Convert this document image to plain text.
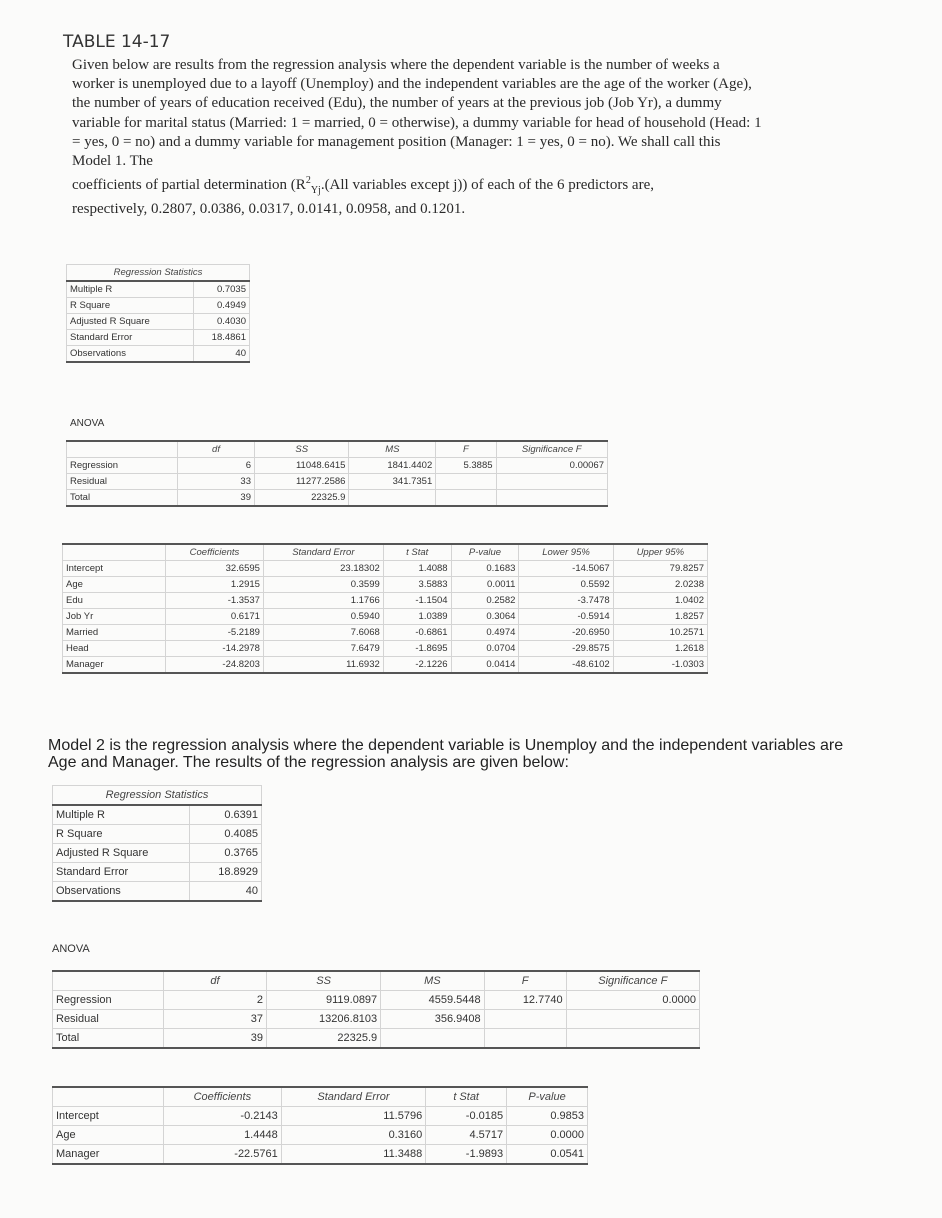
TABLE 14-17

Given below are results from the regression analysis where the dependent variable is the number of weeks a worker is unemployed due to a layoff (Unemploy) and the independent variables are the age of the worker (Age), the number of years of education received (Edu), the number of years at the previous job (Job Yr), a dummy variable for marital status (Married: 1 = married, 0 = otherwise), a dummy variable for head of household (Head: 1 = yes, 0 = no) and a dummy variable for management position (Manager: 1 = yes, 0 = no). We shall call this Model 1. The

coefficients of partial determination ($R^2_{Yj}.(All$ variables except j)) of each of the 6 predictors are,

respectively, 0.2807, 0.0386, 0.0317, 0.0141, 0.0958, and 0.1201.

Regression Statistics	
Multiple R	0.7035
R Square	0.4949
Adjusted R Square	0.4030
Standard Error	18.4861
Observations	40
ANOVA
	df	SS	MS	F	Significance F
Regression	6	11048.6415	1841.4402	5.3885	0.00067
Residual	33	11277.2586	341.7351		
Total	39	22325.9			
	Coefficients	Standard Error	t Stat	P-value	Lower 95%	Upper 95%
Intercept	32.6595	23.18302	1.4088	0.1683	-14.5067	79.8257
Age	1.2915	0.3599	3.5883	0.0011	0.5592	2.0238
Edu	-1.3537	1.1766	-1.1504	0.2582	-3.7478	1.0402
Job Yr	0.6171	0.5940	1.0389	0.3064	-0.5914	1.8257
Married	-5.2189	7.6068	-0.6861	0.4974	-20.6950	10.2571
Head	-14.2978	7.6479	-1.8695	0.0704	-29.8575	1.2618
Manager	-24.8203	11.6932	-2.1226	0.0414	-48.6102	-1.0303

Model 2 is the regression analysis where the dependent variable is Unemploy and the independent variables are

Age and Manager. The results of the regression analysis are given below:

Regression Statistics	
Multiple R	0.6391
R Square	0.4085
Adjusted R Square	0.3765
Standard Error	18.8929
Observations	40
ANOVA
	df	SS	MS	F	Significance F
Regression	2	9119.0897	4559.5448	12.7740	0.0000
Residual	37	13206.8103	356.9408		
Total	39	22325.9			
	Coefficients	Standard Error	t Stat	P-value
Intercept	-0.2143	11.5796	-0.0185	0.9853
Age	1.4448	0.3160	4.5717	0.0000
Manager	-22.5761	11.3488	-1.9893	0.0541
